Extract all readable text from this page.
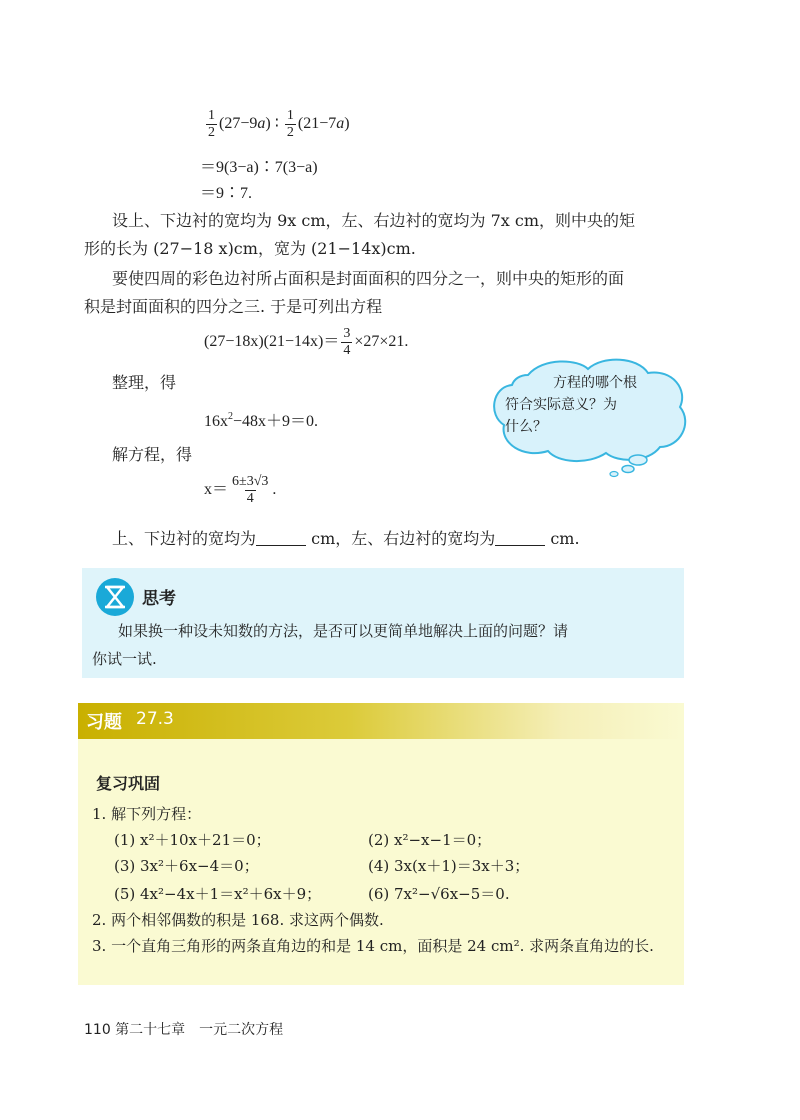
$\frac{1}{2} (27-9a)$ ∶ $\frac{1}{2} (21-7a)$
＝9(3−a)∶7(3−a)
＝9∶7.
设上、下边衬的宽均为 9x cm，左、右边衬的宽均为 7x cm，则中央的矩
形的长为 (27−18 x)cm，宽为 (21−14x)cm.
要使四周的彩色边衬所占面积是封面面积的四分之一，则中央的矩形的面
积是封面面积的四分之三. 于是可列出方程
$(27-18x)(21-14x)= \frac{3}{4} \times 27\times 21$.
整理，得
$16x^2-48x+9=0$.
解方程，得
$x= \frac{6\pm 3√3}{4}$ .
上、下边衬的宽均为	cm，左、右边衬的宽均为	cm.
方程的哪个根
符合实际意义？为
什么？
思考
如果换一种设未知数的方法，是否可以更简单地解决上面的问题？请
你试一试.
习题 27.3
复习巩固
1. 解下列方程：
(1) x²＋10x＋21＝0；	(2) x²−x−1＝0；
(3) 3x²＋6x−4＝0；	(4) 3x(x＋1)＝3x＋3；
(5) 4x²−4x＋1＝x²＋6x＋9；	(6) 7x²−√6x−5＝0.
2. 两个相邻偶数的积是 168. 求这两个偶数.
3. 一个直角三角形的两条直角边的和是 14 cm，面积是 24 cm². 求两条直角边的长.
110 第二十七章　一元二次方程
